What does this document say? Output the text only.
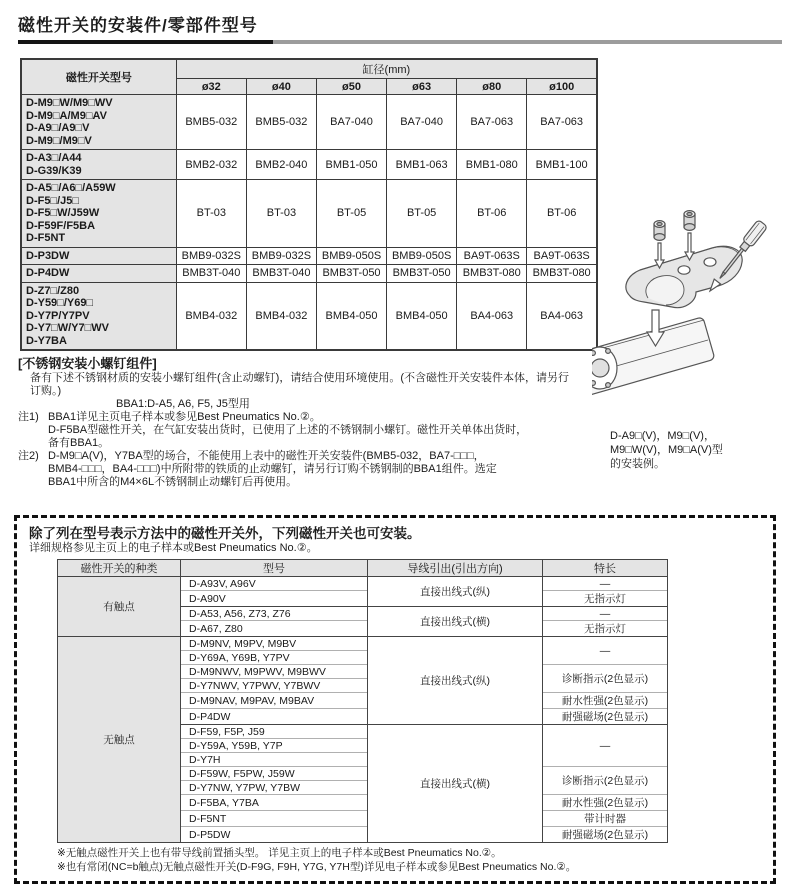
磁性开关的安装件/零部件型号
磁性开关型号	缸径(mm)					
	ø32	ø40	ø50	ø63	ø80	ø100

D-M9□W/M9□WV
D-M9□A/M9□AV
D-A9□/A9□V
D-M9□/M9□V	BMB5-032	BMB5-032	BA7-040	BA7-040	BA7-063	BA7-063

D-A3□/A44
D-G39/K39	BMB2-032	BMB2-040	BMB1-050	BMB1-063	BMB1-080	BMB1-100

D-A5□/A6□/A59W
D-F5□/J5□
D-F5□W/J59W
D-F59F/F5BA
D-F5NT	BT-03	BT-03	BT-05	BT-05	BT-06	BT-06

D-P3DW	BMB9-032S	BMB9-032S	BMB9-050S	BMB9-050S	BA9T-063S	BA9T-063S

D-P4DW	BMB3T-040	BMB3T-040	BMB3T-050	BMB3T-050	BMB3T-080	BMB3T-080

D-Z7□/Z80
D-Y59□/Y69□
D-Y7P/Y7PV
D-Y7□W/Y7□WV
D-Y7BA	BMB4-032	BMB4-032	BMB4-050	BMB4-050	BA4-063	BA4-063
[不锈钢安装小螺钉组件]
备有下述不锈钢材质的安装小螺钉组件(含止动螺钉)，请结合使用环境使用。(不含磁性开关安装件本体，请另行
订购。)
BBA1:D-A5, A6, F5, J5型用
注1) BBA1详见主页电子样本或参见Best Pneumatics No.②。
D-F5BA型磁性开关，在气缸安装出货时，已使用了上述的不锈钢制小螺钉。磁性开关单体出货时，
备有BBA1。
注2) D-M9□A(V)，Y7BA型的场合，不能使用上表中的磁性开关安装件(BMB5-032，BA7-□□□，
BMB4-□□□，BA4-□□□)中所附带的铁质的止动螺钉，请另行订购不锈钢制的BBA1组件。选定
BBA1中所含的M4×6L不锈钢制止动螺钉后再使用。
D-A9□(V)，M9□(V)，
M9□W(V)，M9□A(V)型
的安装例。
除了列在型号表示方法中的磁性开关外，下列磁性开关也可安装。
详细规格参见主页上的电子样本或Best Pneumatics No.②。
磁性开关的种类	型号	导线引出(引出方向)	特长
有触点	D-A93V, A96V	直接出线式(纵)	—
	D-A90V		无指示灯
	D-A53, A56, Z73, Z76	直接出线式(横)	—
	D-A67, Z80		无指示灯
无触点	D-M9NV, M9PV, M9BV	直接出线式(纵)	—
	D-Y69A, Y69B, Y7PV		
	D-M9NWV, M9PWV, M9BWV		诊断指示(2色显示)
	D-Y7NWV, Y7PWV, Y7BWV		
	D-M9NAV, M9PAV, M9BAV		耐水性强(2色显示)
	D-P4DW		耐强磁场(2色显示)
	D-F59, F5P, J59	直接出线式(横)	—
	D-Y59A, Y59B, Y7P		
	D-Y7H		
	D-F59W, F5PW, J59W		诊断指示(2色显示)
	D-Y7NW, Y7PW, Y7BW		
	D-F5BA, Y7BA		耐水性强(2色显示)
	D-F5NT		带计时器
	D-P5DW		耐强磁场(2色显示)
※无触点磁性开关上也有带导线前置插头型。 详见主页上的电子样本或Best Pneumatics No.②。
※也有常闭(NC=b触点)无触点磁性开关(D-F9G, F9H, Y7G, Y7H型)详见电子样本或参见Best Pneumatics No.②。
